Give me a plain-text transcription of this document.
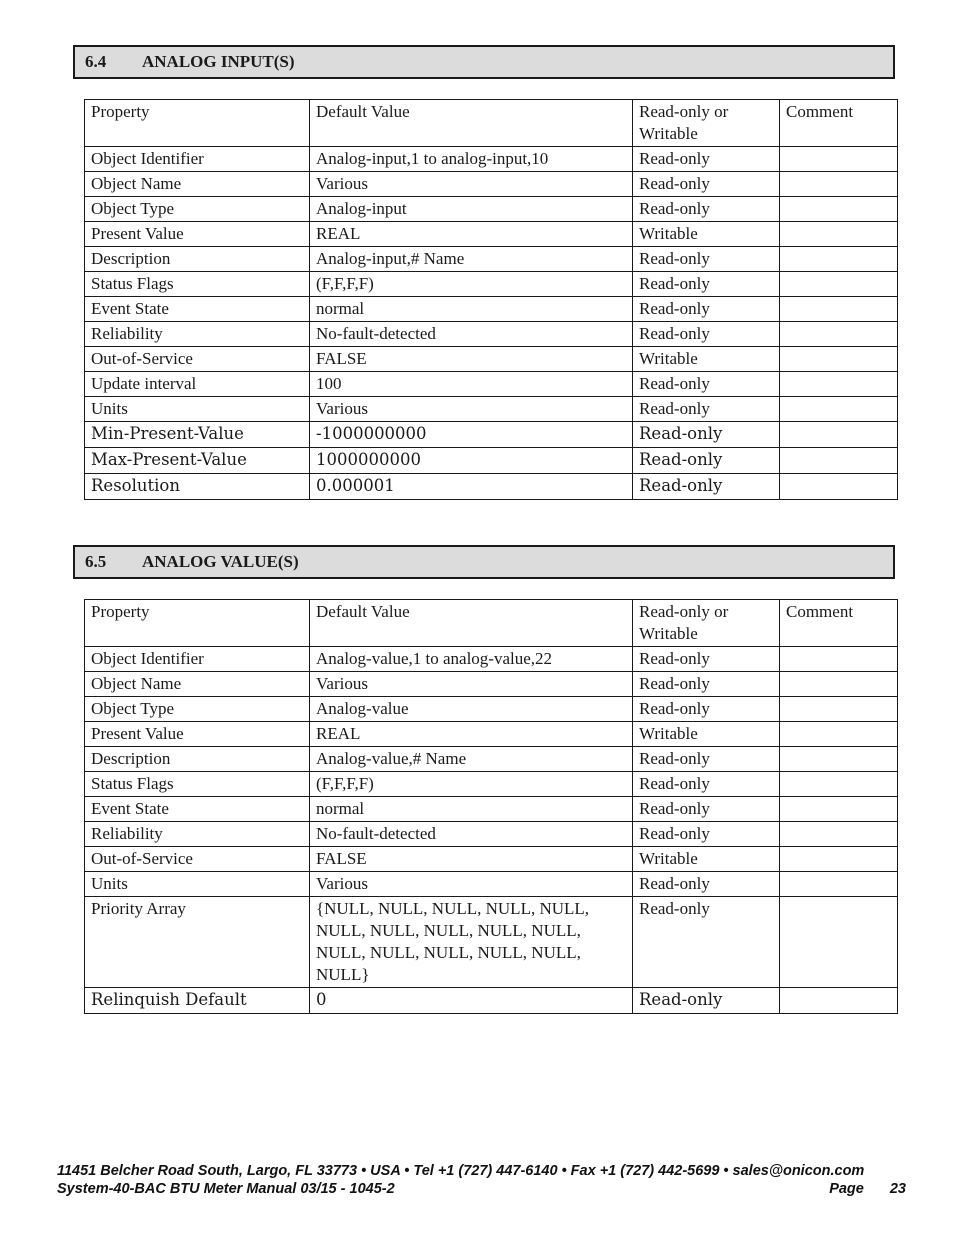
6.4	ANALOG INPUT(S)
Property	Default Value	Read-only or Writable	Comment
Object Identifier	Analog-input,1 to analog-input,10	Read-only	
Object Name	Various	Read-only	
Object Type	Analog-input	Read-only	
Present Value	REAL	Writable	
Description	Analog-input,# Name	Read-only	
Status Flags	(F,F,F,F)	Read-only	
Event State	normal	Read-only	
Reliability	No-fault-detected	Read-only	
Out-of-Service	FALSE	Writable	
Update interval	100	Read-only	
Units	Various	Read-only	
Min-Present-Value	-1000000000	Read-only	
Max-Present-Value	1000000000	Read-only	
Resolution	0.000001	Read-only	
6.5	ANALOG VALUE(S)
Property	Default Value	Read-only or Writable	Comment
Object Identifier	Analog-value,1 to analog-value,22	Read-only	
Object Name	Various	Read-only	
Object Type	Analog-value	Read-only	
Present Value	REAL	Writable	
Description	Analog-value,# Name	Read-only	
Status Flags	(F,F,F,F)	Read-only	
Event State	normal	Read-only	
Reliability	No-fault-detected	Read-only	
Out-of-Service	FALSE	Writable	
Units	Various	Read-only	
Priority Array	{NULL, NULL, NULL, NULL, NULL, NULL, NULL, NULL, NULL, NULL, NULL, NULL, NULL, NULL, NULL, NULL}	Read-only	
Relinquish Default	0	Read-only	
11451 Belcher Road South, Largo, FL 33773 • USA • Tel +1 (727) 447-6140 • Fax +1 (727) 442-5699 • sales@onicon.com
System-40-BAC BTU Meter Manual 03/15 - 1045-2	Page 23
